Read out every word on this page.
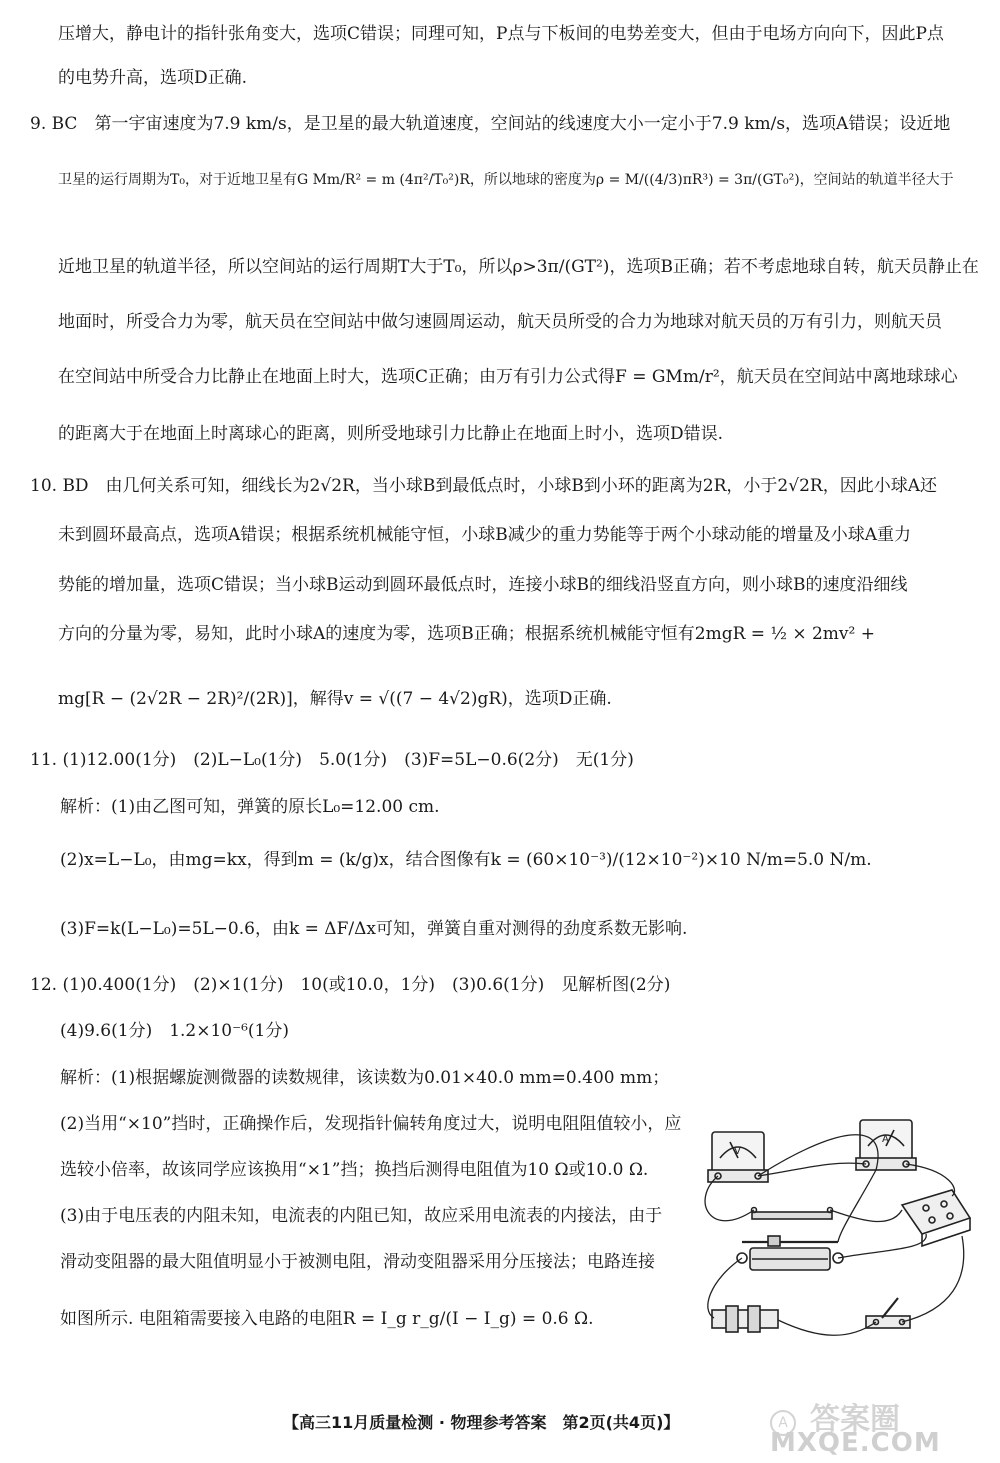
压增大，静电计的指针张角变大，选项C错误；同理可知，P点与下板间的电势差变大，但由于电场方向向下，因此P点
的电势升高，选项D正确.
9. BC　第一宇宙速度为7.9 km/s，是卫星的最大轨道速度，空间站的线速度大小一定小于7.9 km/s，选项A错误；设近地
卫星的运行周期为T₀，对于近地卫星有G Mm/R² = m (4π²/T₀²)R，所以地球的密度为ρ = M/((4/3)πR³) = 3π/(GT₀²)，空间站的轨道半径大于
近地卫星的轨道半径，所以空间站的运行周期T大于T₀，所以ρ>3π/(GT²)，选项B正确；若不考虑地球自转，航天员静止在
地面时，所受合力为零，航天员在空间站中做匀速圆周运动，航天员所受的合力为地球对航天员的万有引力，则航天员
在空间站中所受合力比静止在地面上时大，选项C正确；由万有引力公式得F = GMm/r²，航天员在空间站中离地球球心
的距离大于在地面上时离球心的距离，则所受地球引力比静止在地面上时小，选项D错误.
10. BD　由几何关系可知，细线长为2√2R，当小球B到最低点时，小球B到小环的距离为2R，小于2√2R，因此小球A还
未到圆环最高点，选项A错误；根据系统机械能守恒，小球B减少的重力势能等于两个小球动能的增量及小球A重力
势能的增加量，选项C错误；当小球B运动到圆环最低点时，连接小球B的细线沿竖直方向，则小球B的速度沿细线
方向的分量为零，易知，此时小球A的速度为零，选项B正确；根据系统机械能守恒有2mgR = ½ × 2mv² +
mg[R − (2√2R − 2R)²/(2R)]，解得v = √((7 − 4√2)gR)，选项D正确.
11. (1)12.00(1分)　(2)L−L₀(1分)　5.0(1分)　(3)F=5L−0.6(2分)　无(1分)
解析：(1)由乙图可知，弹簧的原长L₀=12.00 cm.
(2)x=L−L₀，由mg=kx，得到m = (k/g)x，结合图像有k = (60×10⁻³)/(12×10⁻²)×10 N/m=5.0 N/m.
(3)F=k(L−L₀)=5L−0.6，由k = ΔF/Δx可知，弹簧自重对测得的劲度系数无影响.
12. (1)0.400(1分)　(2)×1(1分)　10(或10.0，1分)　(3)0.6(1分)　见解析图(2分)
(4)9.6(1分)　1.2×10⁻⁶(1分)
解析：(1)根据螺旋测微器的读数规律，该读数为0.01×40.0 mm=0.400 mm；
(2)当用“×10”挡时，正确操作后，发现指针偏转角度过大，说明电阻阻值较小，应
选较小倍率，故该同学应该换用“×1”挡；换挡后测得电阻值为10 Ω或10.0 Ω.
(3)由于电压表的内阻未知，电流表的内阻已知，故应采用电流表的内接法，由于
滑动变阻器的最大阻值明显小于被测电阻，滑动变阻器采用分压接法；电路连接
如图所示. 电阻箱需要接入电路的电阻R = I_g r_g/(I − I_g) = 0.6 Ω.
V
A
【高三11月质量检测 · 物理参考答案　第2页(共4页)】	答案圈
A
MXQE.COM
